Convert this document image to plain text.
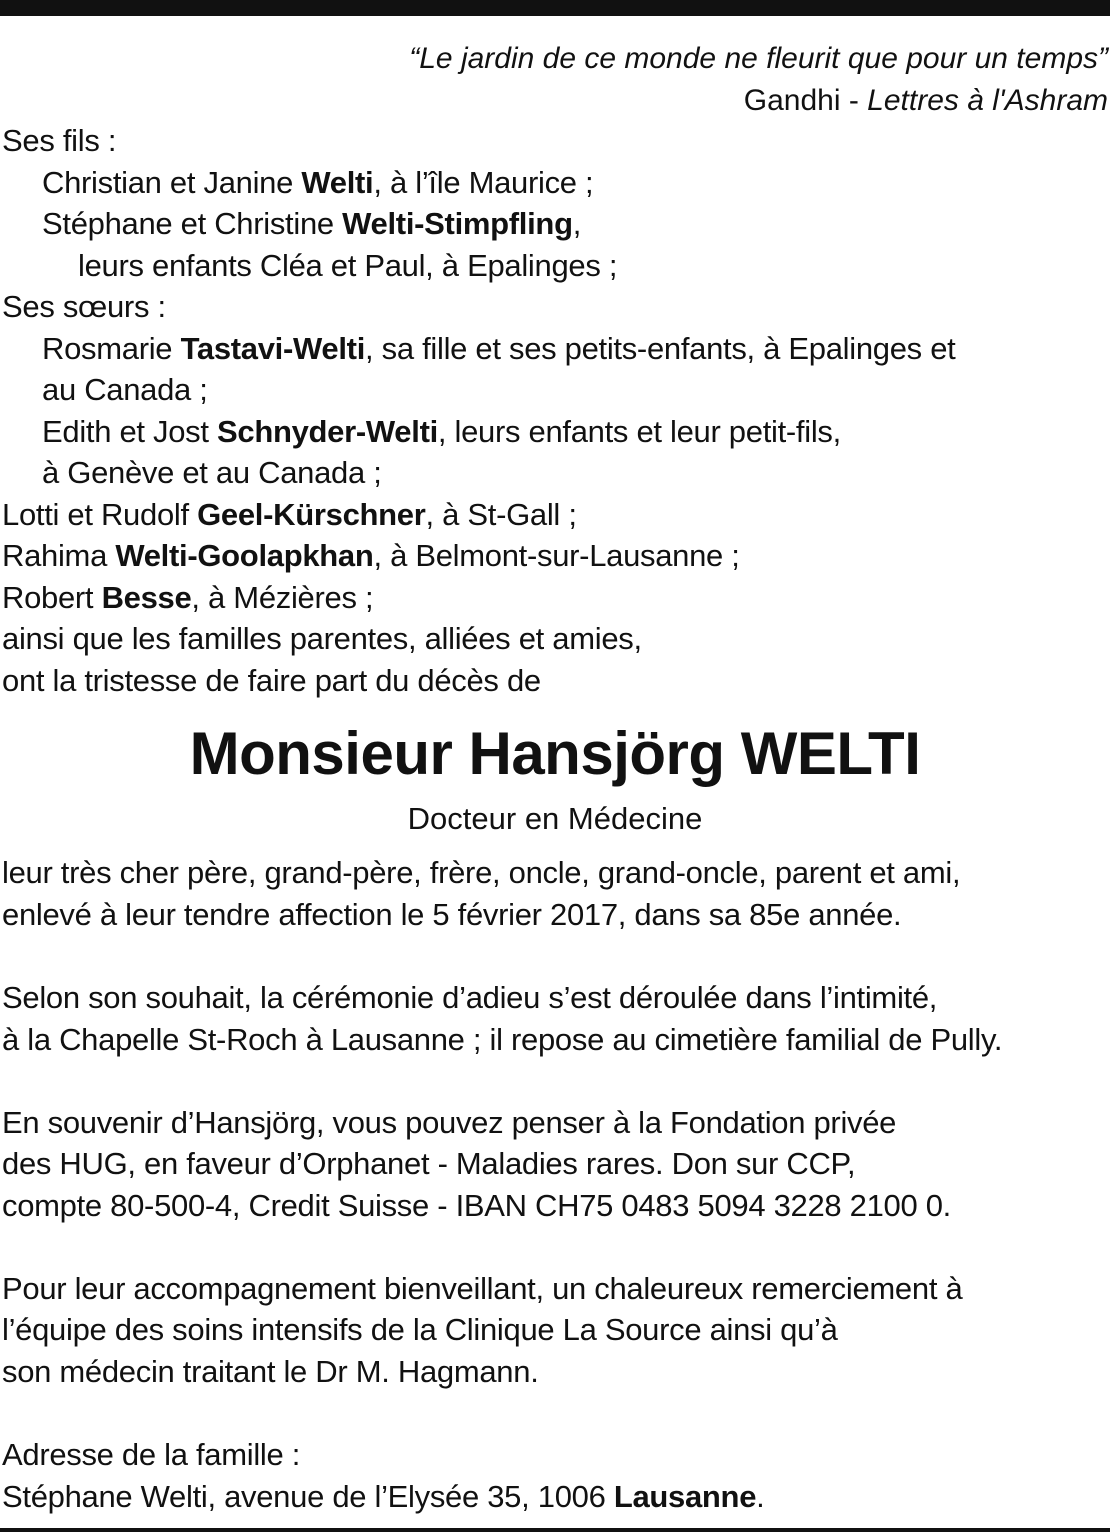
“Le jardin de ce monde ne fleurit que pour un temps”
Gandhi - Lettres à l'Ashram
Ses fils :
Christian et Janine Welti, à l’île Maurice ;
Stéphane et Christine Welti-Stimpfling,
leurs enfants Cléa et Paul, à Epalinges ;
Ses sœurs :
Rosmarie Tastavi-Welti, sa fille et ses petits-enfants, à Epalinges et
au Canada ;
Edith et Jost Schnyder-Welti, leurs enfants et leur petit-fils,
à Genève et au Canada ;
Lotti et Rudolf Geel-Kürschner, à St-Gall ;
Rahima Welti-Goolapkhan, à Belmont-sur-Lausanne ;
Robert Besse, à Mézières ;
ainsi que les familles parentes, alliées et amies,
ont la tristesse de faire part du décès de
Monsieur Hansjörg WELTI
Docteur en Médecine
leur très cher père, grand-père, frère, oncle, grand-oncle, parent et ami,
enlevé à leur tendre affection le 5 février 2017, dans sa 85e année.
Selon son souhait, la cérémonie d’adieu s’est déroulée dans l’intimité,
à la Chapelle St-Roch à Lausanne ; il repose au cimetière familial de Pully.
En souvenir d’Hansjörg, vous pouvez penser à la Fondation privée
des HUG, en faveur d’Orphanet - Maladies rares. Don sur CCP,
compte 80-500-4, Credit Suisse - IBAN CH75 0483 5094 3228 2100 0.
Pour leur accompagnement bienveillant, un chaleureux remerciement à
l’équipe des soins intensifs de la Clinique La Source ainsi qu’à
son médecin traitant le Dr M. Hagmann.
Adresse de la famille :
Stéphane Welti, avenue de l’Elysée 35, 1006 Lausanne.
